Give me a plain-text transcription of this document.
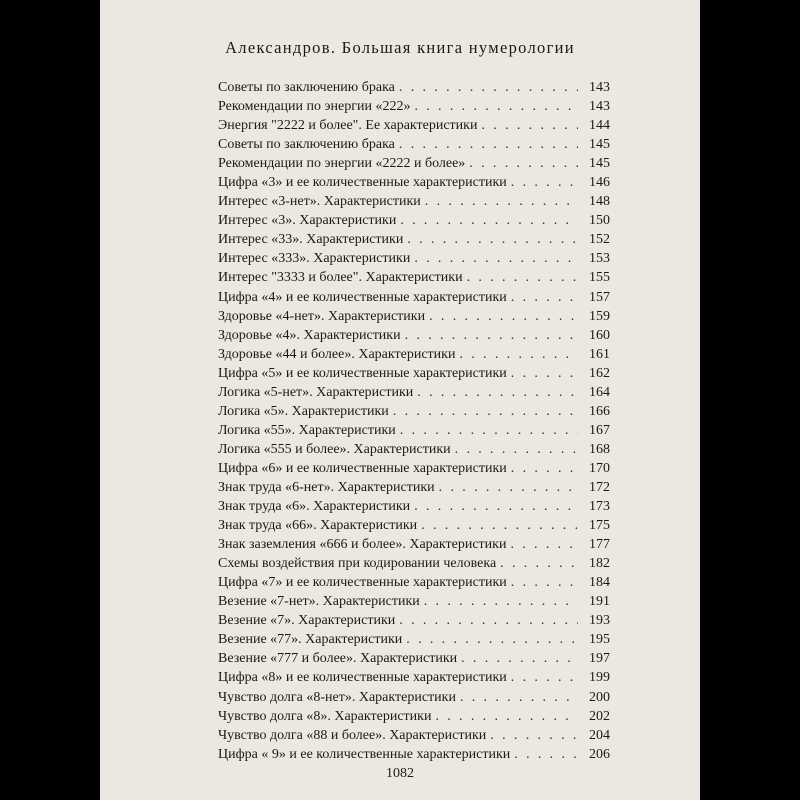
Александров. Большая книга нумерологии
Советы по заключению брака . . .	143
Рекомендации по энергии «222» . . .	143
Энергия "2222 и более". Ее характеристики . . .	144
Советы по заключению брака . . .	145
Рекомендации по энергии «2222 и более» . . .	145
Цифра «3» и ее количественные характеристики . . .	146
Интерес «3-нет». Характеристики . . .	148
Интерес «3». Характеристики . . .	150
Интерес «33». Характеристики . . .	152
Интерес «333». Характеристики . . .	153
Интерес "3333 и более". Характеристики . . .	155
Цифра «4» и ее количественные характеристики . . .	157
Здоровье «4-нет». Характеристики . . .	159
Здоровье «4». Характеристики . . .	160
Здоровье «44 и более». Характеристики . . .	161
Цифра «5» и ее количественные характеристики . . .	162
Логика «5-нет». Характеристики . . .	164
Логика «5». Характеристики . . .	166
Логика «55». Характеристики . . .	167
Логика «555 и более». Характеристики . . .	168
Цифра «6» и ее количественные характеристики . . .	170
Знак труда «6-нет». Характеристики . . .	172
Знак труда «6». Характеристики . . .	173
Знак труда «66». Характеристики . . .	175
Знак заземления «666 и более». Характеристики . . .	177
Схемы воздействия при кодировании человека . . .	182
Цифра «7» и ее количественные характеристики . . .	184
Везение «7-нет». Характеристики . . .	191
Везение «7». Характеристики . . .	193
Везение «77». Характеристики . . .	195
Везение «777 и более». Характеристики . . .	197
Цифра «8» и ее количественные характеристики . . .	199
Чувство долга «8-нет». Характеристики . . .	200
Чувство долга «8». Характеристики . . .	202
Чувство долга «88 и более». Характеристики . . .	204
Цифра « 9» и ее количественные характеристики . . .	206
1082
